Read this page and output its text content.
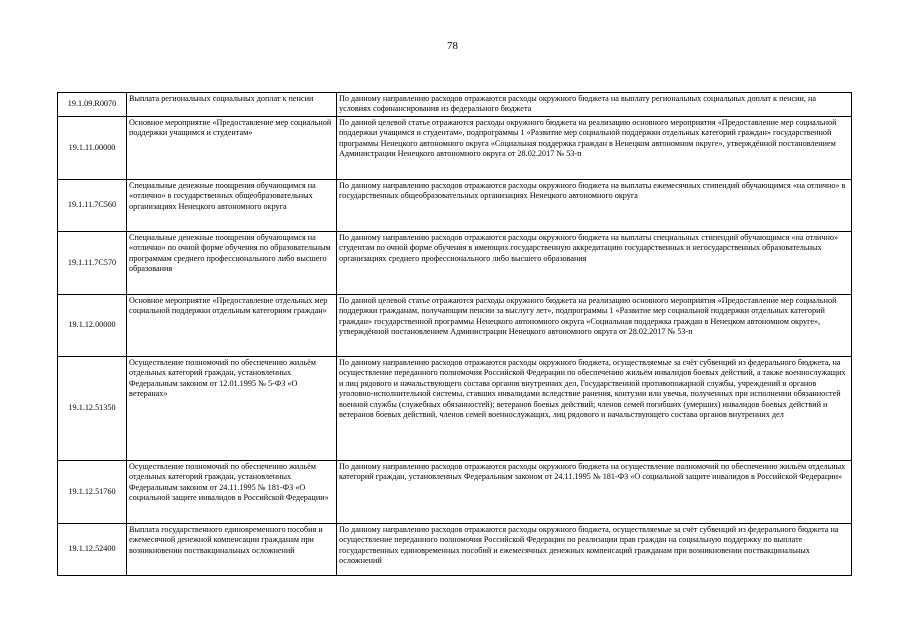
78
19.1.09.R0070	Выплата региональных социальных доплат к пенсии	По данному направлению расходов отражаются расходы окружного бюджета на выплату региональных социальных доплат к пенсии, на условиях софинансирования из федерального бюджета
19.1.11.00000	Основное мероприятие «Предоставление мер социальной поддержки учащимся и студентам»	По данной целевой статье отражаются расходы окружного бюджета на реализацию основного мероприятия «Предоставление мер социальной поддержки учащимся и студентам», подпрограммы 1 «Развитие мер социальной поддержки отдельных категорий граждан» государственной программы Ненецкого автономного округа «Социальная поддержка граждан в Ненецком автономном округе», утверждённой постановлением Администрации Ненецкого автономного округа от 28.02.2017 № 53-п
19.1.11.7С560	Специальные денежные поощрения обучающимся на «отлично» в государственных общеобразовательных организациях Ненецкого автономного округа	По данному направлению расходов отражаются расходы окружного бюджета на выплаты ежемесячных стипендий обучающимся «на отлично» в государственных общеобразовательных организациях Ненецкого автономного округа
19.1.11.7С570	Специальные денежные поощрения обучающимся на «отлично» по очной форме обучения по образовательным программам среднего профессионального либо высшего образования	По данному направлению расходов отражаются расходы окружного бюджета на выплаты специальных стипендий обучающимся «на отлично» студентам по очной форме обучения в имеющих государственную аккредитацию государственных и негосударственных образовательных организациях среднего профессионального либо высшего образования
19.1.12.00000	Основное мероприятие «Предоставление отдельных мер социальной поддержки отдельным категориям граждан»	По данной целевой статье отражаются расходы окружного бюджета на реализацию основного мероприятия «Предоставление мер социальной поддержки гражданам, получающим пенсии за выслугу лет», подпрограммы 1 «Развитие мер социальной поддержки отдельных категорий граждан» государственной программы Ненецкого автономного округа «Социальная поддержка граждан в Ненецком автономном округе», утверждённой постановлением Администрации Ненецкого автономного округа от 28.02.2017 № 53-п
19.1.12.51350	Осуществление полномочий по обеспечению жильём отдельных категорий граждан, установленных Федеральным законом от 12.01.1995 № 5-ФЗ «О ветеранах»	По данному направлению расходов отражаются расходы окружного бюджета, осуществляемые за счёт субвенций из федерального бюджета, на осуществление переданного полномочия Российской Федерации по обеспечению жильём инвалидов боевых действий, а также военнослужащих и лиц рядового и начальствующего состава органов внутренних дел, Государственной противопожарной службы, учреждений и органов уголовно-исполнительной системы, ставших инвалидами вследствие ранения, контузии или увечья, полученных при исполнении обязанностей военной службы (служебных обязанностей); ветеранов боевых действий; членов семей погибших (умерших) инвалидов боевых действий и ветеранов боевых действий, членов семей военнослужащих, лиц рядового и начальствующего состава органов внутренних дел
19.1.12.51760	Осуществление полномочий по обеспечению жильём отдельных категорий граждан, установленных Федеральным законом от 24.11.1995 № 181-ФЗ «О социальной защите инвалидов в Российской Федерации»	По данному направлению расходов отражаются расходы окружного бюджета на осуществление полномочий по обеспечению жильём отдельных категорий граждан, установленных Федеральным законом от 24.11.1995 № 181-ФЗ «О социальной защите инвалидов в Российской Федерации»
19.1.12.52400	Выплата государственного единовременного пособия и ежемесячной денежной компенсации гражданам при возникновении поствакцинальных осложнений	По данному направлению расходов отражаются расходы окружного бюджета, осуществляемые за счёт субвенций из федерального бюджета на осуществление переданного полномочия Российской Федерации по реализации прав граждан на социальную поддержку по выплате государственных единовременных пособий и ежемесячных денежных компенсаций гражданам при возникновении поствакцинальных осложнений
